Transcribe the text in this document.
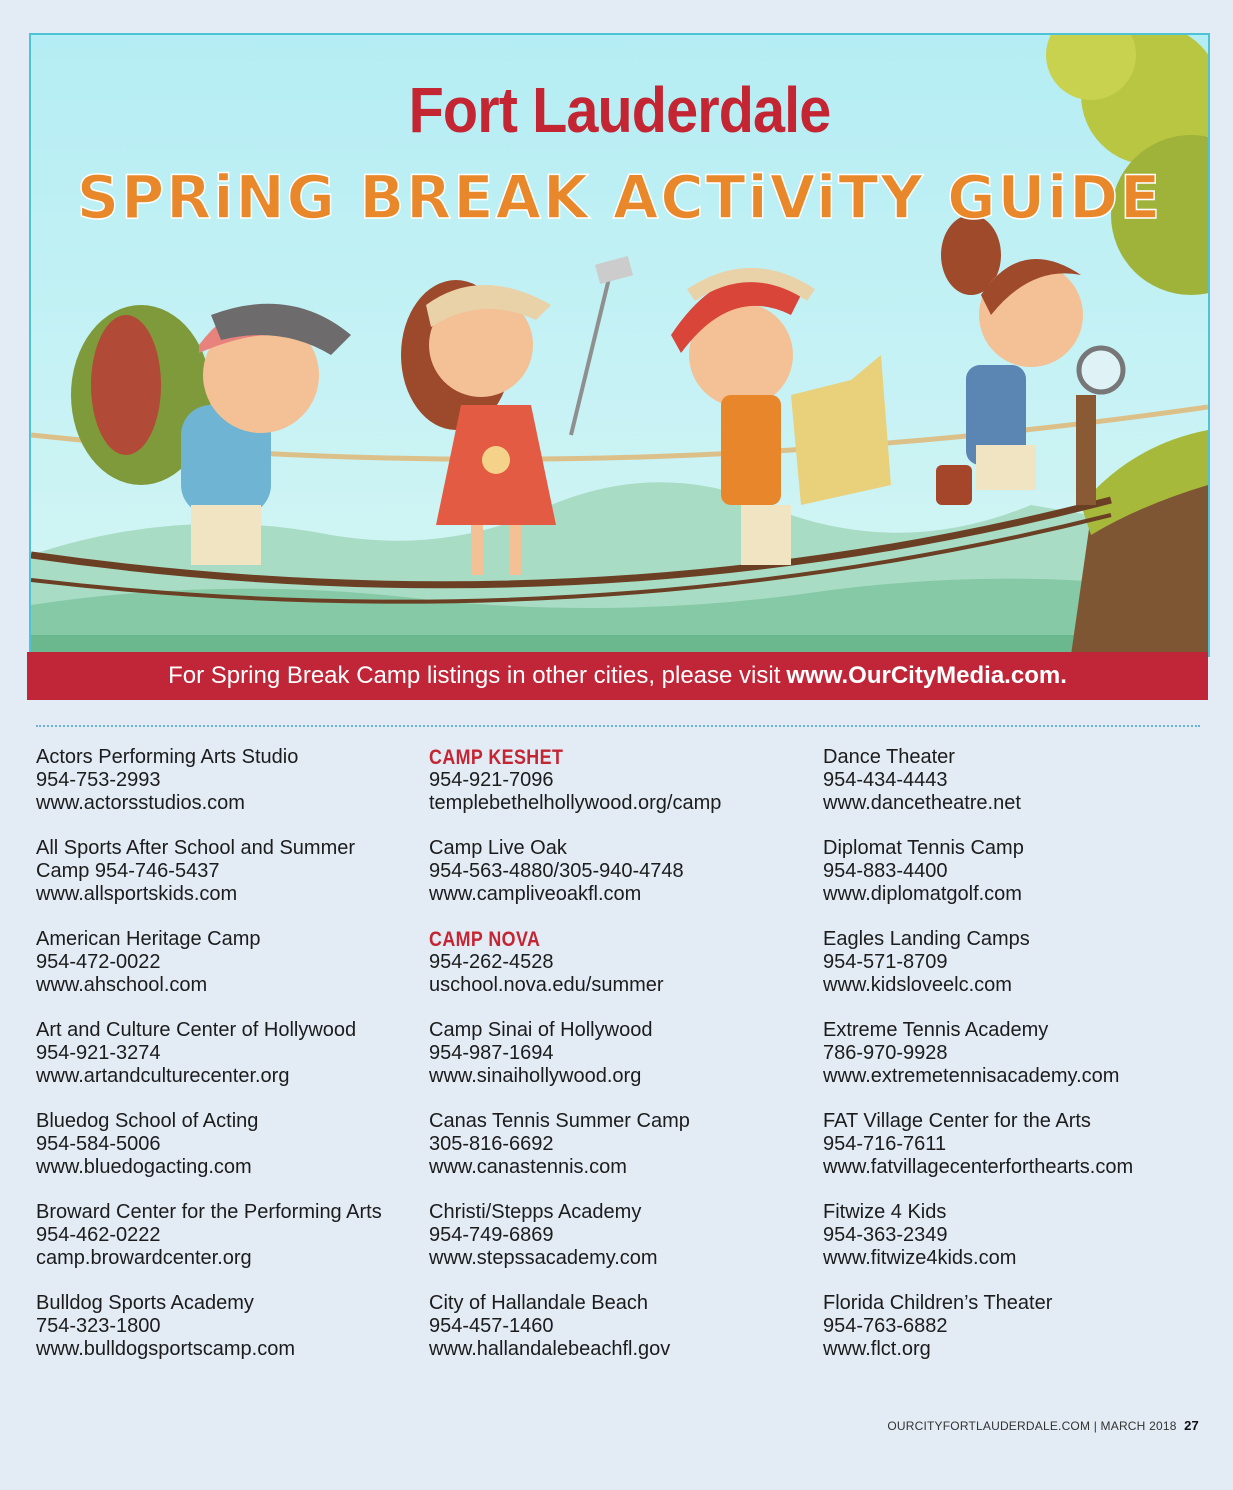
Fort Lauderdale
SPRiNG BREAK ACTiViTY GUiDE
For Spring Break Camp listings in other cities, please visit www.OurCityMedia.com.
Actors Performing Arts Studio
954-753-2993
www.actorsstudios.com
All Sports After School and Summer
Camp 954-746-5437
www.allsportskids.com
American Heritage Camp
954-472-0022
www.ahschool.com
Art and Culture Center of Hollywood
954-921-3274
www.artandculturecenter.org
Bluedog School of Acting
954-584-5006
www.bluedogacting.com
Broward Center for the Performing Arts
954-462-0222
camp.browardcenter.org
Bulldog Sports Academy
754-323-1800
www.bulldogsportscamp.com
CAMP KESHET
954-921-7096
templebethelhollywood.org/camp
Camp Live Oak
954-563-4880/305-940-4748
www.campliveoakfl.com
CAMP NOVA
954-262-4528
uschool.nova.edu/summer
Camp Sinai of Hollywood
954-987-1694
www.sinaihollywood.org
Canas Tennis Summer Camp
305-816-6692
www.canastennis.com
Christi/Stepps Academy
954-749-6869
www.stepssacademy.com
City of Hallandale Beach
954-457-1460
www.hallandalebeachfl.gov
Dance Theater
954-434-4443
www.dancetheatre.net
Diplomat Tennis Camp
954-883-4400
www.diplomatgolf.com
Eagles Landing Camps
954-571-8709
www.kidsloveelc.com
Extreme Tennis Academy
786-970-9928
www.extremetennisacademy.com
FAT Village Center for the Arts
954-716-7611
www.fatvillagecenterforthearts.com
Fitwize 4 Kids
954-363-2349
www.fitwize4kids.com
Florida Children’s Theater
954-763-6882
www.flct.org
OURCITYFORTLAUDERDALE.COM | MARCH 2018 27
